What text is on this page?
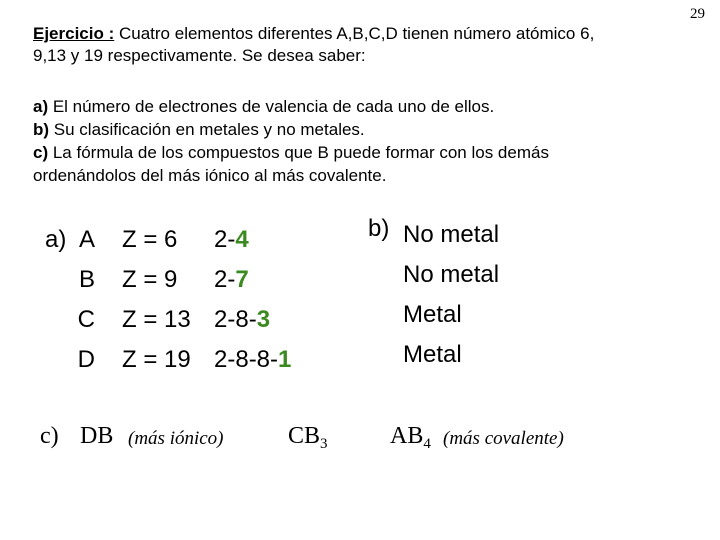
29
Ejercicio : Cuatro elementos diferentes A,B,C,D tienen número atómico 6,
9,13 y 19 respectivamente. Se desea saber:
a) El número de electrones de valencia de cada uno de ellos.
b) Su clasificación en metales y no metales.
c) La fórmula de los compuestos que B puede formar con los demás
ordenándolos del más iónico al más covalente.
a) A
B
C
D
Z = 6
Z = 9
Z = 13
Z = 19
2-4
2-7
2-8-3
2-8-8-1
b) No metal
No metal
Metal
Metal
c) DB (más iónico)	$CB_3$	$AB_4$ (más covalente)
